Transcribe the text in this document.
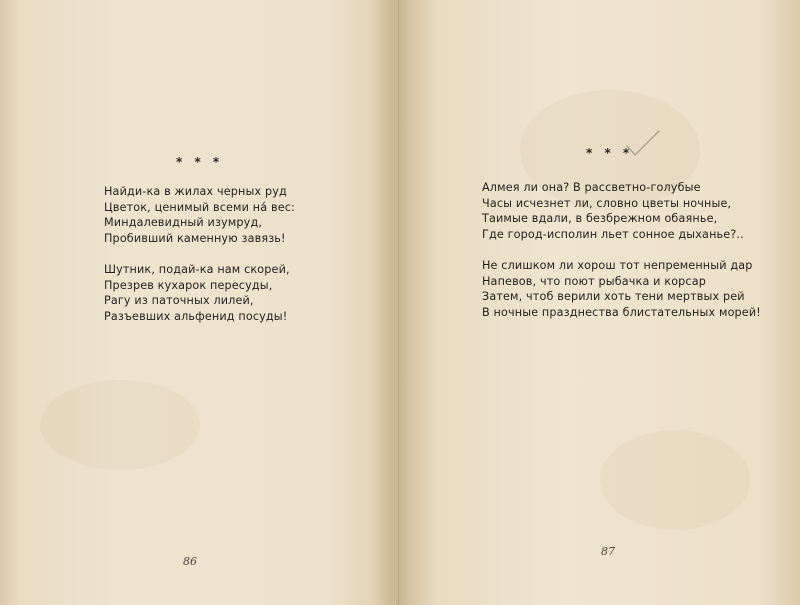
* * *
Найди-ка в жилах черных руд
Цветок, ценимый всеми на́ вес:
Миндалевидный изумруд,
Пробивший каменную завязь!
Шутник, подай-ка нам скорей,
Презрев кухарок пересуды,
Рагу из паточных лилей,
Разъевших альфенид посуды!
86
* * *
Алмея ли она? В рассветно-голубые
Часы исчезнет ли, словно цветы ночные,
Таимые вдали, в безбрежном обаянье,
Где город-исполин льет сонное дыханье?..
Не слишком ли хорош тот непременный дар
Напевов, что поют рыбачка и корсар
Затем, чтоб верили хоть тени мертвых рей
В ночные празднества блистательных морей!
87
